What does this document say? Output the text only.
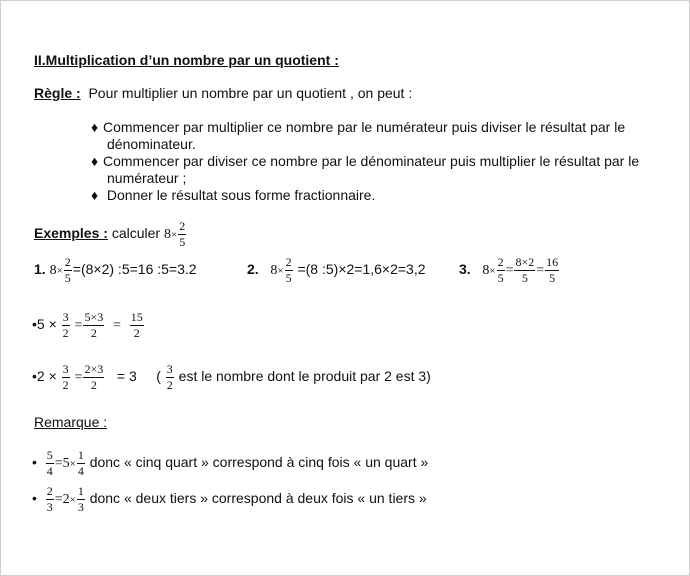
II.Multiplication d’un nombre par un quotient :
Règle : Pour multiplier un nombre par un quotient , on peut :
♦ Commencer par multiplier ce nombre par le numérateur puis diviser le résultat par le
dénominateur.
♦ Commencer par diviser ce nombre par le dénominateur puis multiplier le résultat par le
numérateur ;
♦ Donner le résultat sous forme fractionnaire.
Exemples : calculer $8\times \frac{2}{5}$
1. $8\times \frac{2}{5} =(8\times 2)$ :5=16 :5=3.2	2. $8\times \frac{2}{5} =(8$ :5)×2=1,6×2=3,2 3. $8\times \frac{2}{5} = \frac{8\times 2}{5} = \frac{16}{5}$
•5 × $\frac{3}{2} = \frac{5\times 3}{2} = \frac{15}{2}$
•2 × $\frac{3}{2} = \frac{2\times 3}{2} = 3$ ( $\frac{3}{2}$ est le nombre dont le produit par 2 est 3)
Remarque :
• $\frac{5}{4} =5\times \frac{1}{4}$ donc « cinq quart » correspond à cinq fois « un quart »
• $\frac{2}{3} =2\times \frac{1}{3}$ donc « deux tiers » correspond à deux fois « un tiers »
